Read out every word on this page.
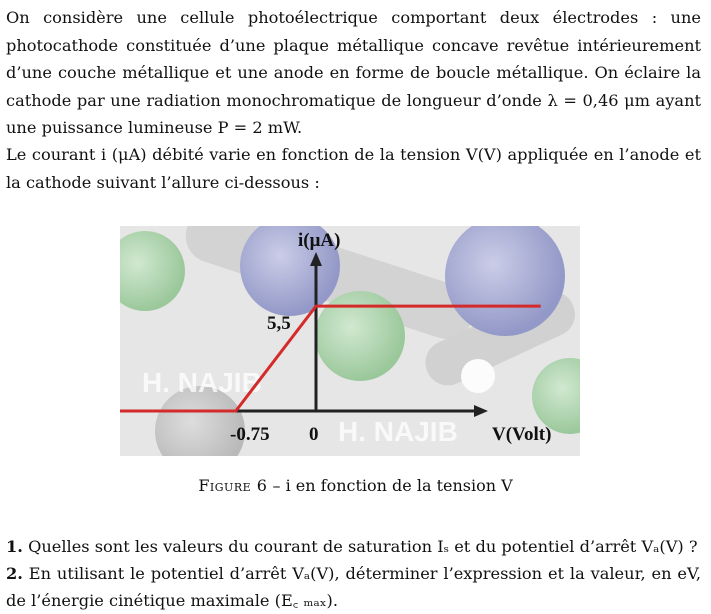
On considère une cellule photoélectrique comportant deux électrodes : une photocathode constituée d’une plaque métallique concave revêtue intérieurement d’une couche métallique et une anode en forme de boucle métallique. On éclaire la cathode par une radiation monochromatique de longueur d’onde λ = 0,46 μm ayant une puissance lumineuse P = 2 mW.
Le courant i (μA) débité varie en fonction de la tension V(V) appliquée en l’anode et la cathode suivant l’allure ci-dessous :
H. NAJIB
H. NAJIB
i(μA)
V(Volt)
5,5
-0.75 0
Figure 6 – i en fonction de la tension V
1. Quelles sont les valeurs du courant de saturation Iₛ et du potentiel d’arrêt Vₐ(V) ?
2. En utilisant le potentiel d’arrêt Vₐ(V), déterminer l’expression et la valeur, en eV, de l’énergie cinétique maximale (E꜀ ₘₐₓ).
